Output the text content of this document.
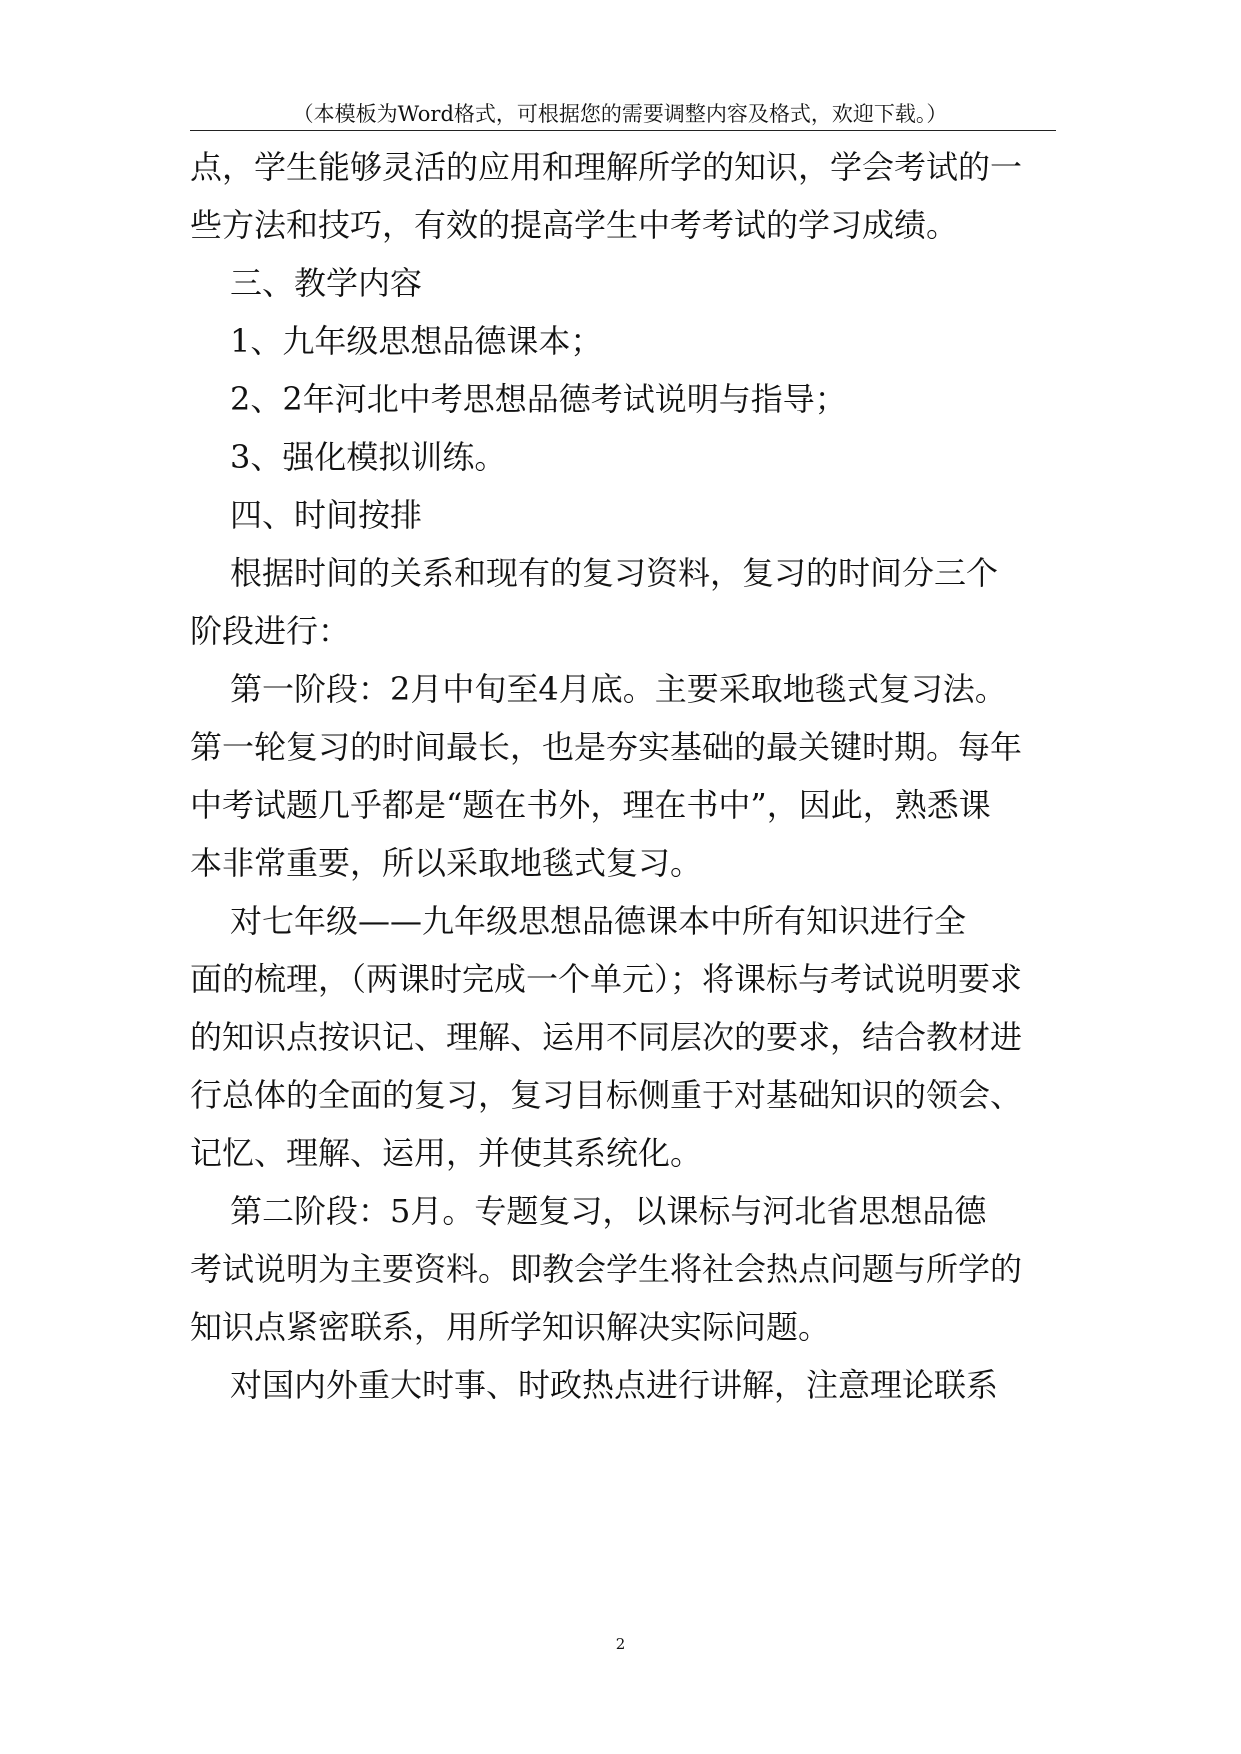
（本模板为Word格式，可根据您的需要调整内容及格式，欢迎下载。）
点，学生能够灵活的应用和理解所学的知识，学会考试的一
些方法和技巧，有效的提高学生中考考试的学习成绩。
三、教学内容
1、九年级思想品德课本；
2、2年河北中考思想品德考试说明与指导；
3、强化模拟训练。
四、时间按排
根据时间的关系和现有的复习资料，复习的时间分三个
阶段进行：
第一阶段：2月中旬至4月底。主要采取地毯式复习法。
第一轮复习的时间最长，也是夯实基础的最关键时期。每年
中考试题几乎都是“题在书外，理在书中”，因此，熟悉课
本非常重要，所以采取地毯式复习。
对七年级——九年级思想品德课本中所有知识进行全
面的梳理，（两课时完成一个单元）；将课标与考试说明要求
的知识点按识记、理解、运用不同层次的要求，结合教材进
行总体的全面的复习，复习目标侧重于对基础知识的领会、
记忆、理解、运用，并使其系统化。
第二阶段：5月。专题复习，以课标与河北省思想品德
考试说明为主要资料。即教会学生将社会热点问题与所学的
知识点紧密联系，用所学知识解决实际问题。
对国内外重大时事、时政热点进行讲解，注意理论联系
2
